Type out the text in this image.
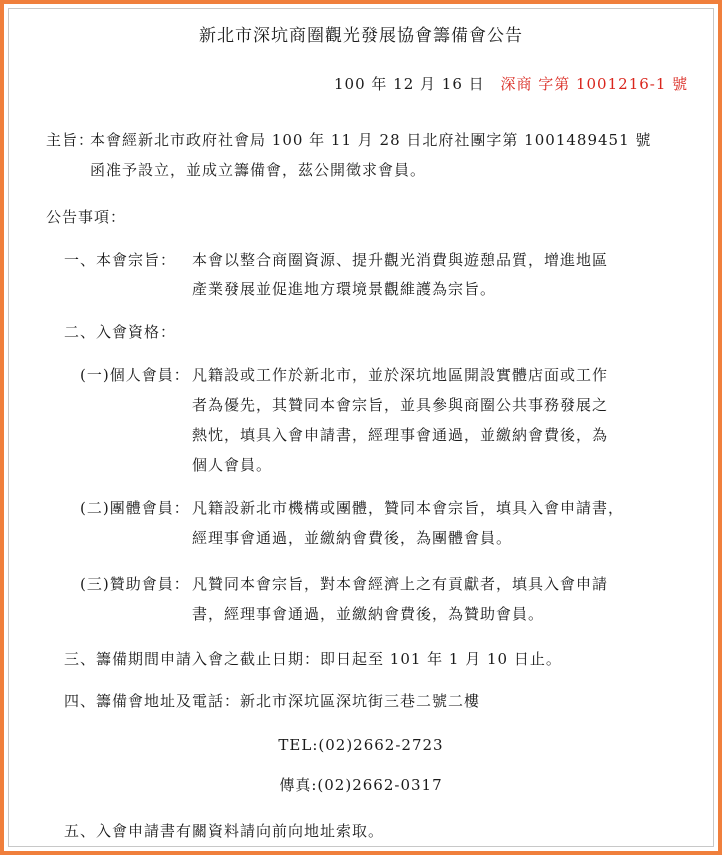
新北市深坑商圈觀光發展協會籌備會公告
100 年 12 月 16 日 深商 字第 1001216-1 號
主旨：
本會經新北市政府社會局 100 年 11 月 28 日北府社團字第 1001489451 號
函准予設立，並成立籌備會，茲公開徵求會員。
公告事項：
一、本會宗旨： 本會以整合商圈資源、提升觀光消費與遊憩品質，增進地區
產業發展並促進地方環境景觀維護為宗旨。
二、入會資格：
(一)個人會員： 凡籍設或工作於新北市，並於深坑地區開設實體店面或工作
者為優先，其贊同本會宗旨，並具參與商圈公共事務發展之
熱忱，填具入會申請書，經理事會通過，並繳納會費後，為
個人會員。
(二)團體會員： 凡籍設新北市機構或團體，贊同本會宗旨，填具入會申請書，
經理事會通過，並繳納會費後，為團體會員。
(三)贊助會員： 凡贊同本會宗旨，對本會經濟上之有貢獻者，填具入會申請
書，經理事會通過，並繳納會費後，為贊助會員。
三、籌備期間申請入會之截止日期：即日起至 101 年 1 月 10 日止。
四、籌備會地址及電話：新北市深坑區深坑街三巷二號二樓
TEL:(02)2662-2723
傳真:(02)2662-0317
五、入會申請書有關資料請向前向地址索取。
